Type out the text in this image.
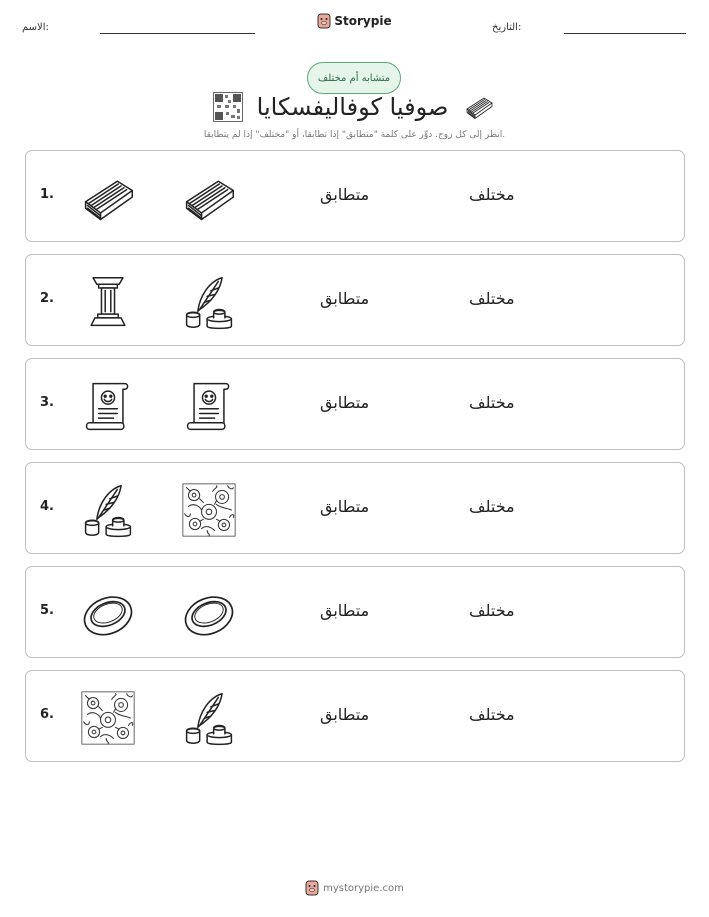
الاسم:	Storypie	التاريخ:
متشابه أم مختلف
صوفيا كوفاليفسكايا
انظر إلى كل زوج. دوِّر على كلمة "متطابق" إذا تطابقا، أو "مختلف" إذا لم يتطابقا.
1.	متطابق	مختلف
2.	متطابق	مختلف
3.	متطابق	مختلف
4.	متطابق	مختلف
5.	متطابق	مختلف
6.	متطابق	مختلف
mystorypie.com
